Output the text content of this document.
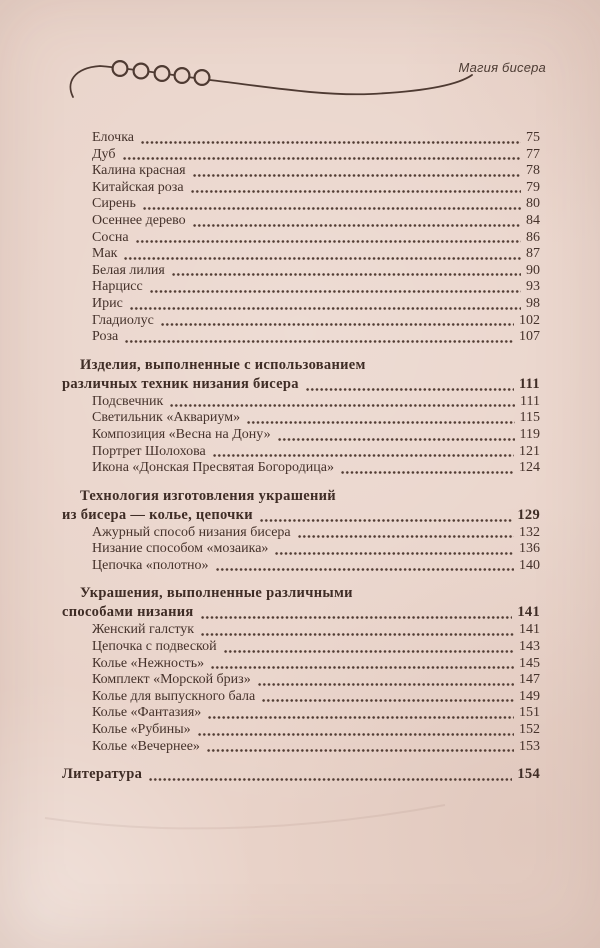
Магия бисера
Елочка	75
Дуб	77
Калина красная	78
Китайская роза	79
Сирень	80
Осеннее дерево	84
Сосна	86
Мак	87
Белая лилия	90
Нарцисс	93
Ирис	98
Гладиолус	102
Роза	107
Изделия, выполненные с использованием
различных техник низания бисера	111
Подсвечник	111
Светильник «Аквариум»	115
Композиция «Весна на Дону»	119
Портрет Шолохова	121
Икона «Донская Пресвятая Богородица»	124
Технология изготовления украшений
из бисера — колье, цепочки	129
Ажурный способ низания бисера	132
Низание способом «мозаика»	136
Цепочка «полотно»	140
Украшения, выполненные различными
способами низания	141
Женский галстук	141
Цепочка с подвеской	143
Колье «Нежность»	145
Комплект «Морской бриз»	147
Колье для выпускного бала	149
Колье «Фантазия»	151
Колье «Рубины»	152
Колье «Вечернее»	153
Литература	154
